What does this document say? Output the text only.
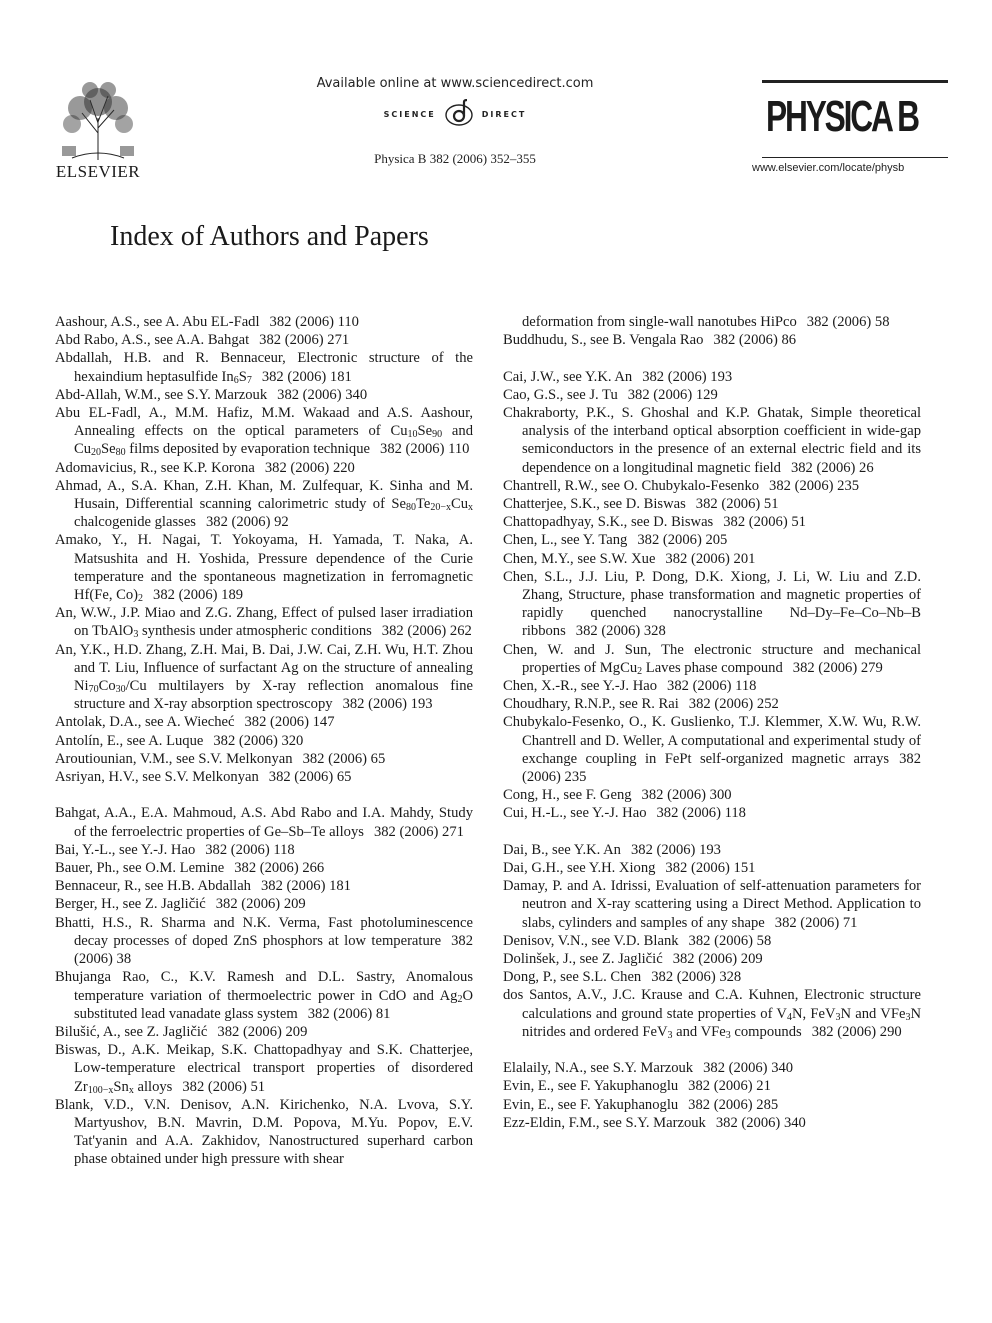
ELSEVIER
Available online at www.sciencedirect.com
SCIENCE	DIRECT
Physica B 382 (2006) 352–355
PHYSICA B
www.elsevier.com/locate/physb
Index of Authors and Papers

Aashour, A.S., see A. Abu EL-Fadl 382 (2006) 110

Abd Rabo, A.S., see A.A. Bahgat 382 (2006) 271

Abdallah, H.B. and R. Bennaceur, Electronic structure of the hexaindium heptasulfide $In_6S_7$ 382 (2006) 181

Abd-Allah, W.M., see S.Y. Marzouk 382 (2006) 340

Abu EL-Fadl, A., M.M. Hafiz, M.M. Wakaad and A.S. Aashour, Annealing effects on the optical parameters of $Cu_{10}Se_{90}$ and $Cu_{20}Se_{80}$ films deposited by evaporation technique 382 (2006) 110

Adomavicius, R., see K.P. Korona 382 (2006) 220

Ahmad, A., S.A. Khan, Z.H. Khan, M. Zulfequar, K. Sinha and M. Husain, Differential scanning calorimetric study of $Se_{80}Te_{20-x}Cu_x$ chalcogenide glasses 382 (2006) 92

Amako, Y., H. Nagai, T. Yokoyama, H. Yamada, T. Naka, A. Matsushita and H. Yoshida, Pressure dependence of the Curie temperature and the spontaneous magnetization in ferromagnetic Hf(Fe, $Co)_2$ 382 (2006) 189

An, W.W., J.P. Miao and Z.G. Zhang, Effect of pulsed laser irradiation on TbAlO$_3$ synthesis under atmospheric conditions 382 (2006) 262

An, Y.K., H.D. Zhang, Z.H. Mai, B. Dai, J.W. Cai, Z.H. Wu, H.T. Zhou and T. Liu, Influence of surfactant Ag on the structure of annealing $Ni_{70}Co_{30}/Cu$ multilayers by X-ray reflection anomalous fine structure and X-ray absorption spectroscopy 382 (2006) 193

Antolak, D.A., see A. Wiecheć 382 (2006) 147

Antolín, E., see A. Luque 382 (2006) 320

Aroutiounian, V.M., see S.V. Melkonyan 382 (2006) 65

Asriyan, H.V., see S.V. Melkonyan 382 (2006) 65

Bahgat, A.A., E.A. Mahmoud, A.S. Abd Rabo and I.A. Mahdy, Study of the ferroelectric properties of Ge–Sb–Te alloys 382 (2006) 271

Bai, Y.-L., see Y.-J. Hao 382 (2006) 118

Bauer, Ph., see O.M. Lemine 382 (2006) 266

Bennaceur, R., see H.B. Abdallah 382 (2006) 181

Berger, H., see Z. Jagličić 382 (2006) 209

Bhatti, H.S., R. Sharma and N.K. Verma, Fast photoluminescence decay processes of doped ZnS phosphors at low temperature 382 (2006) 38

Bhujanga Rao, C., K.V. Ramesh and D.L. Sastry, Anomalous temperature variation of thermoelectric power in CdO and $Ag_2O$ substituted lead vanadate glass system 382 (2006) 81

Bilušić, A., see Z. Jagličić 382 (2006) 209

Biswas, D., A.K. Meikap, S.K. Chattopadhyay and S.K. Chatterjee, Low-temperature electrical transport properties of disordered $Zr_{100-x}Sn_x$ alloys 382 (2006) 51

Blank, V.D., V.N. Denisov, A.N. Kirichenko, N.A. Lvova, S.Y. Martyushov, B.N. Mavrin, D.M. Popova, M.Yu. Popov, E.V. Tat'yanin and A.A. Zakhidov, Nanostructured superhard carbon phase obtained under high pressure with shear

deformation from single-wall nanotubes HiPco 382 (2006) 58

Buddhudu, S., see B. Vengala Rao 382 (2006) 86

Cai, J.W., see Y.K. An 382 (2006) 193

Cao, G.S., see J. Tu 382 (2006) 129

Chakraborty, P.K., S. Ghoshal and K.P. Ghatak, Simple theoretical analysis of the interband optical absorption coefficient in wide-gap semiconductors in the presence of an external electric field and its dependence on a longitudinal magnetic field 382 (2006) 26

Chantrell, R.W., see O. Chubykalo-Fesenko 382 (2006) 235

Chatterjee, S.K., see D. Biswas 382 (2006) 51

Chattopadhyay, S.K., see D. Biswas 382 (2006) 51

Chen, L., see Y. Tang 382 (2006) 205

Chen, M.Y., see S.W. Xue 382 (2006) 201

Chen, S.L., J.J. Liu, P. Dong, D.K. Xiong, J. Li, W. Liu and Z.D. Zhang, Structure, phase transformation and magnetic properties of rapidly quenched nanocrystalline Nd–Dy–Fe–Co–Nb–B ribbons 382 (2006) 328

Chen, W. and J. Sun, The electronic structure and mechanical properties of MgCu$_2$ Laves phase compound 382 (2006) 279

Chen, X.-R., see Y.-J. Hao 382 (2006) 118

Choudhary, R.N.P., see R. Rai 382 (2006) 252

Chubykalo-Fesenko, O., K. Guslienko, T.J. Klemmer, X.W. Wu, R.W. Chantrell and D. Weller, A computational and experimental study of exchange coupling in FePt self-organized magnetic arrays 382 (2006) 235

Cong, H., see F. Geng 382 (2006) 300

Cui, H.-L., see Y.-J. Hao 382 (2006) 118

Dai, B., see Y.K. An 382 (2006) 193

Dai, G.H., see Y.H. Xiong 382 (2006) 151

Damay, P. and A. Idrissi, Evaluation of self-attenuation parameters for neutron and X-ray scattering using a Direct Method. Application to slabs, cylinders and samples of any shape 382 (2006) 71

Denisov, V.N., see V.D. Blank 382 (2006) 58

Dolinšek, J., see Z. Jagličić 382 (2006) 209

Dong, P., see S.L. Chen 382 (2006) 328

dos Santos, A.V., J.C. Krause and C.A. Kuhnen, Electronic structure calculations and ground state properties of $V_4N$, FeV$_3$N and VFe$_3$N nitrides and ordered FeV$_3$ and VFe$_3$ compounds 382 (2006) 290

Elalaily, N.A., see S.Y. Marzouk 382 (2006) 340

Evin, E., see F. Yakuphanoglu 382 (2006) 21

Evin, E., see F. Yakuphanoglu 382 (2006) 285

Ezz-Eldin, F.M., see S.Y. Marzouk 382 (2006) 340
